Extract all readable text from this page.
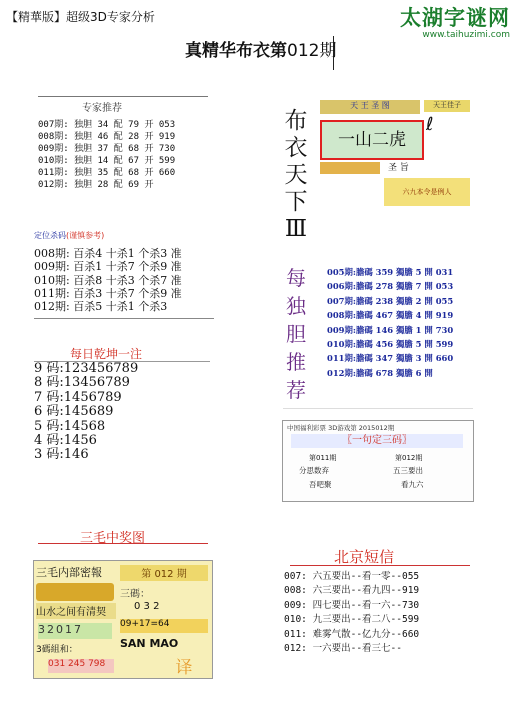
【精華版】超级3D专家分析	太湖字谜网
www.taihuzimi.com
真精华布衣第012期
专家推荐
007期: 独胆 34 配 79 开 053
008期: 独胆 46 配 28 开 919
009期: 独胆 37 配 68 开 730
010期: 独胆 14 配 67 开 599
011期: 独胆 35 配 68 开 660
012期: 独胆 28 配 69 开
定位杀码(谨慎参考)
008期: 百杀4 十杀1 个杀3 准
009期: 百杀1 十杀7 个杀9 准
010期: 百杀8 十杀3 个杀7 准
011期: 百杀3 十杀7 个杀9 准
012期: 百杀5 十杀1 个杀3
每日乾坤一注
9 码:123456789
8 码:13456789
7 码:1456789
6 码:145689
5 码:14568
4 码:1456
3 码:146
三毛中奖图
三毛内部密報
山水之间有清契
32017
3碼組和：
031 245 798
第 012 期
三碼：
0 3 2
09+17=64
SAN MAO
译
布衣天下Ⅲ
天 王 圣 图
一山二虎
圣 旨
天王佳子
ℓ
六九本令是例人
每独胆推荐
005期:膽碼 359 獨膽 5 開 031
006期:膽碼 278 獨膽 7 開 053
007期:膽碼 238 獨膽 2 開 055
008期:膽碼 467 獨膽 4 開 919
009期:膽碼 146 獨膽 1 開 730
010期:膽碼 456 獨膽 5 開 599
011期:膽碼 347 獨膽 3 開 660
012期:膽碼 678 獨膽 6 開
中国福利彩票 3D游戏第 2015012期
〖一句定三码〗
第011期	第012期
分思数弃	五三要出
吾吧聚	看九六
北京短信
007: 六五要出--看一零--055
008: 六三要出--看九四--919
009: 四七要出--看一六--730
010: 九三要出--看二八--599
011: 难雾气散--亿九分--660
012: 一六要出--看三七--
